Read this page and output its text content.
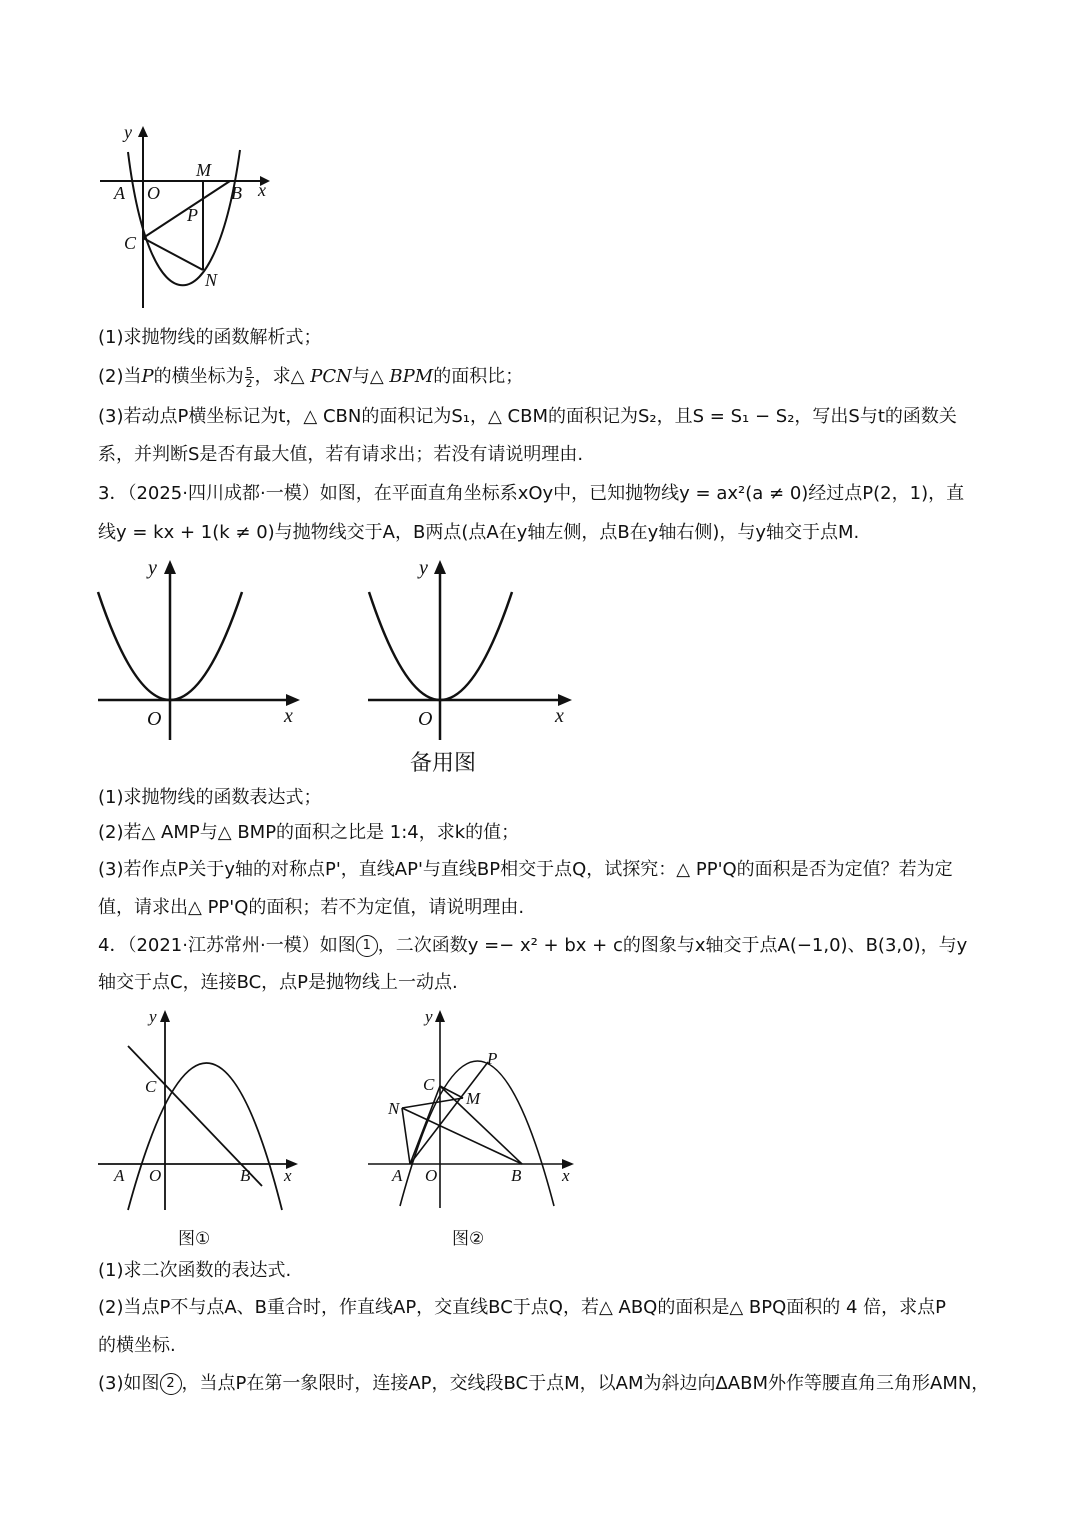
y
x
A O
M
B
P
C
N
(1)求抛物线的函数解析式；
(2)当P的横坐标为 $\frac{5}{2}$ ，求△ PCN与△ BPM的面积比；
(3)若动点P横坐标记为t，△ CBN的面积记为S₁，△ CBM的面积记为S₂，且S = S₁ − S₂，写出S与t的函数关
系，并判断S是否有最大值，若有请求出；若没有请说明理由.
3．（2025·四川成都·一模）如图，在平面直角坐标系xOy中，已知抛物线y = ax²(a ≠ 0)经过点P(2，1)，直
线y = kx + 1(k ≠ 0)与抛物线交于A，B两点(点A在y轴左侧，点B在y轴右侧)，与y轴交于点M.
y
O	x
y
O	x
备用图
(1)求抛物线的函数表达式；
(2)若△ AMP与△ BMP的面积之比是 1:4，求k的值；
(3)若作点P关于y轴的对称点P'，直线AP'与直线BP相交于点Q，试探究：△ PP'Q的面积是否为定值？若为定
值，请求出△ PP'Q的面积；若不为定值，请说明理由.
4．（2021·江苏常州·一模）如图 1 ，二次函数y =− x² + bx + c的图象与x轴交于点A(−1,0)、B(3,0)，与y
轴交于点C，连接BC，点P是抛物线上一动点.
y
x
C
A O	B
y
x
P
C
M
N
A O	B
图①	图②
(1)求二次函数的表达式.
(2)当点P不与点A、B重合时，作直线AP，交直线BC于点Q，若△ ABQ的面积是△ BPQ面积的 4 倍，求点P
的横坐标.
(3)如图 2 ，当点P在第一象限时，连接AP，交线段BC于点M，以AM为斜边向ΔABM外作等腰直角三角形AMN，
